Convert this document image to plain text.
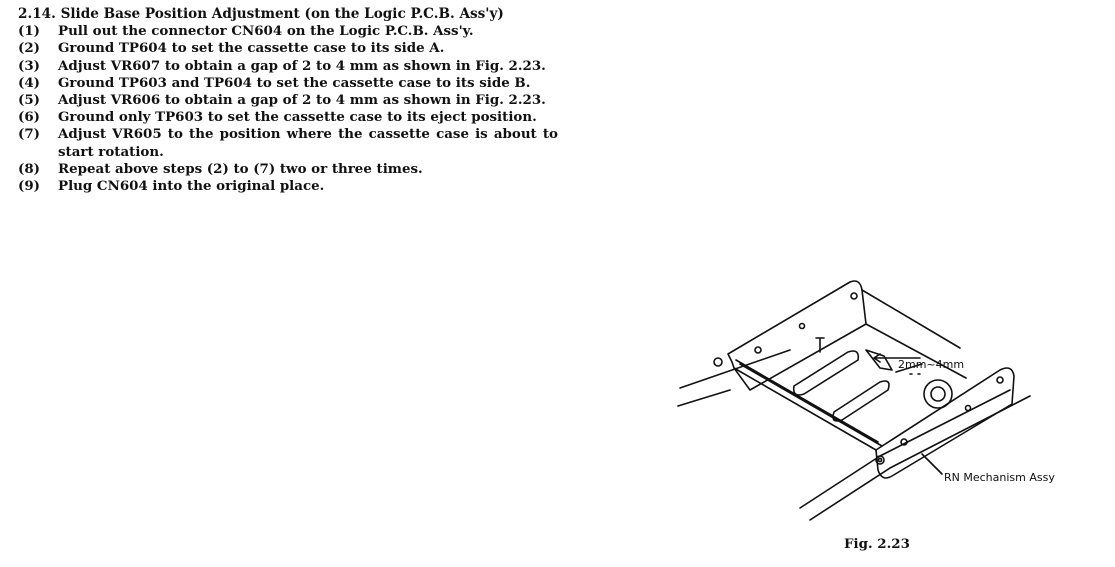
2.14. Slide Base Position Adjustment (on the Logic P.C.B. Ass'y)

(1)	Pull out the connector CN604 on the Logic P.C.B. Ass'y.
(2)	Ground TP604 to set the cassette case to its side A.
(3)	Adjust VR607 to obtain a gap of 2 to 4 mm as shown in Fig. 2.23.
(4)	Ground TP603 and TP604 to set the cassette case to its side B.
(5)	Adjust VR606 to obtain a gap of 2 to 4 mm as shown in Fig. 2.23.
(6)	Ground only TP603 to set the cassette case to its eject position.
(7)	Adjust VR605 to the position where the cassette case is about to start rotation.
(8)	Repeat above steps (2) to (7) two or three times.
(9)	Plug CN604 into the original place.
2mm~4mm
RN Mechanism Assy
Fig. 2.23
